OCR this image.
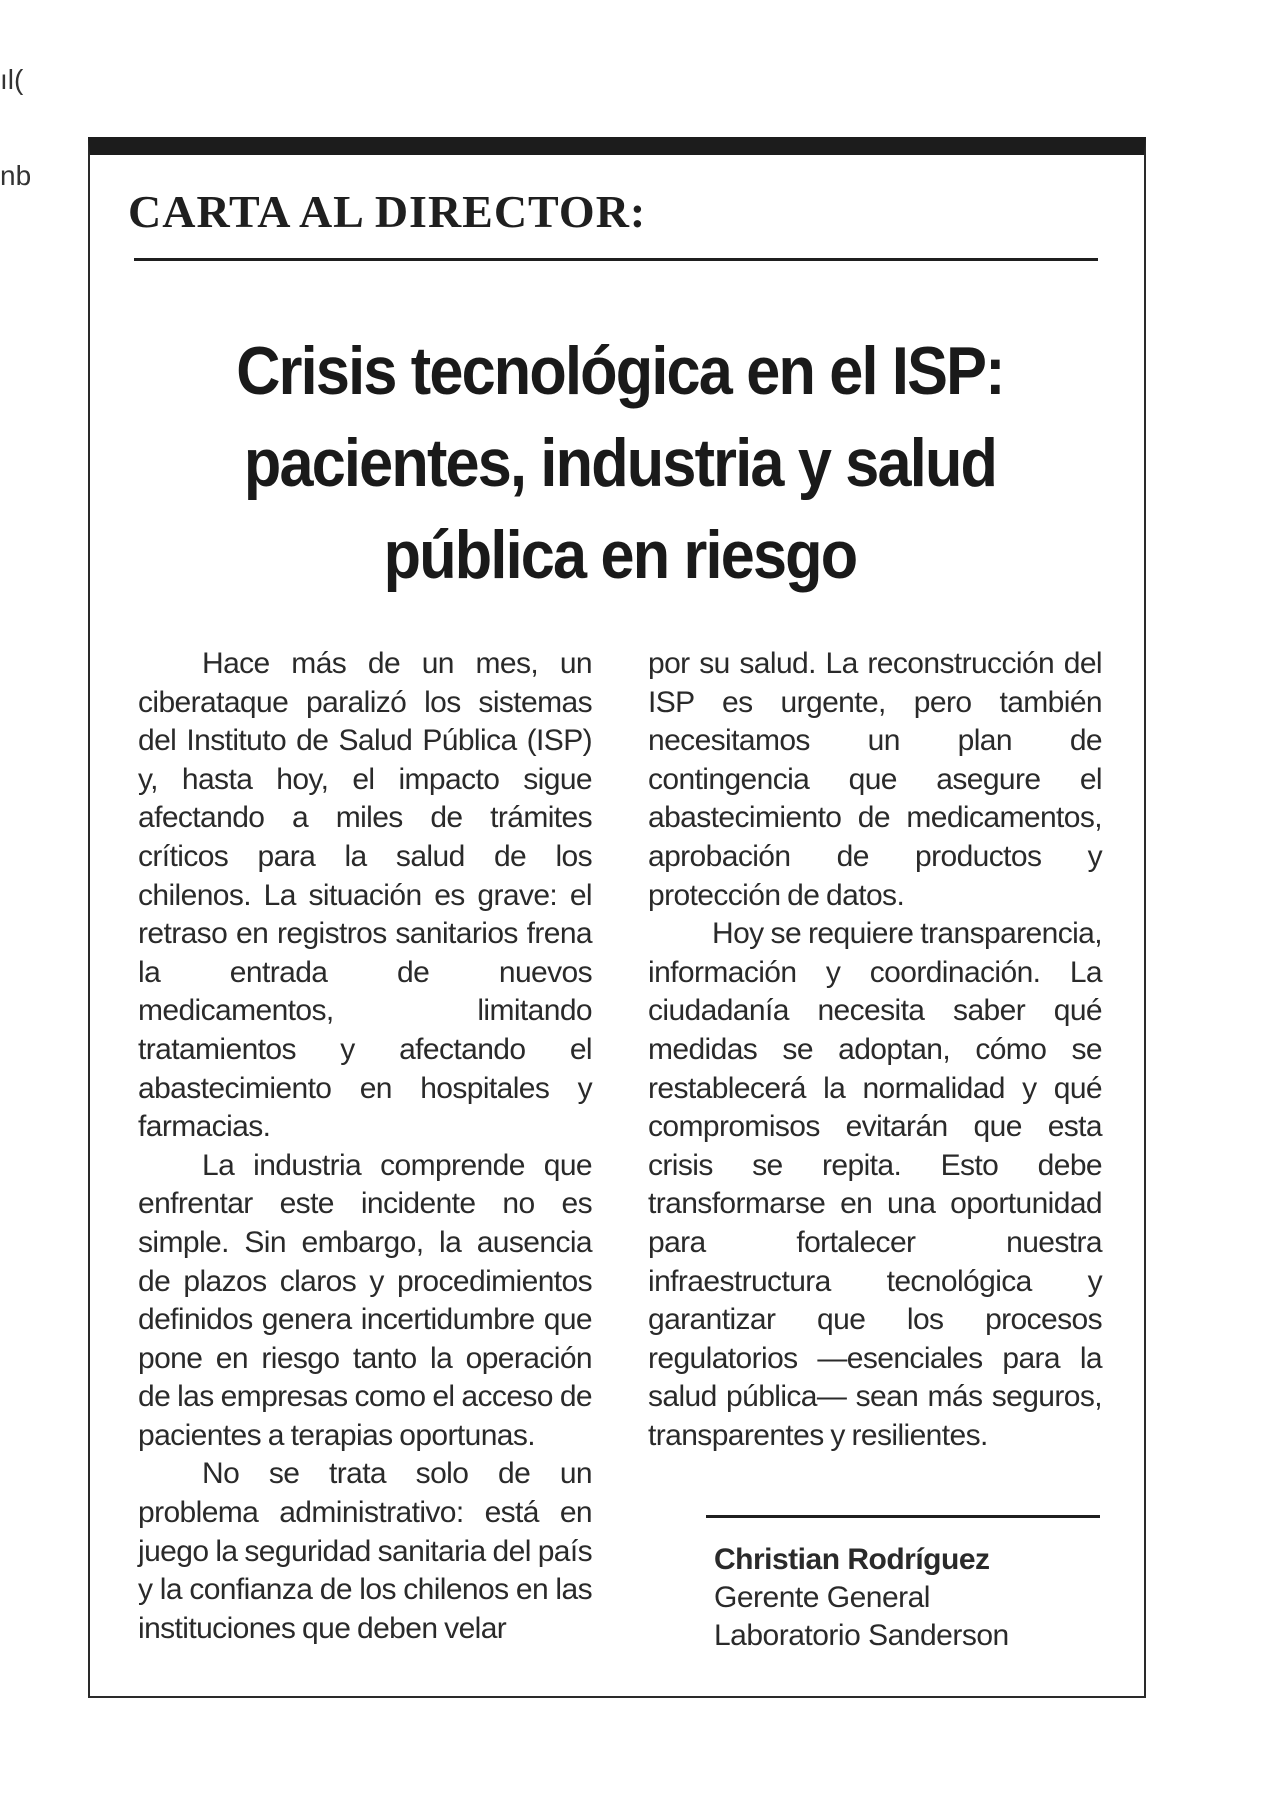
ıl(

nb

CARTA AL DIRECTOR:
Crisis tecnológica en el ISP:
pacientes, industria y salud
pública en riesgo

Hace más de un mes, un ciberataque paralizó los sistemas del Instituto de Salud Pública (ISP) y, hasta hoy, el impacto sigue afectando a miles de trámites críticos para la salud de los chilenos. La situación es grave: el retraso en registros sanitarios frena la entrada de nuevos medicamentos, limitando tratamientos y afectando el abastecimiento en hospitales y farmacias.

La industria comprende que enfrentar este incidente no es simple. Sin embargo, la ausencia de plazos claros y procedimientos definidos genera incertidumbre que pone en riesgo tanto la operación de las empresas como el acceso de pacientes a terapias oportunas.

No se trata solo de un problema administrativo: está en juego la seguridad sanitaria del país y la confianza de los chilenos en las instituciones que deben velar

por su salud. La reconstrucción del ISP es urgente, pero también necesitamos un plan de contingencia que asegure el abastecimiento de medicamentos, aprobación de productos y protección de datos.

Hoy se requiere transparencia, información y coordinación. La ciudadanía necesita saber qué medidas se adoptan, cómo se restablecerá la normalidad y qué compromisos evitarán que esta crisis se repita. Esto debe transformarse en una oportunidad para fortalecer nuestra infraestructura tecnológica y garantizar que los procesos regulatorios —esenciales para la salud pública— sean más seguros, transparentes y resilientes.

Christian Rodríguez
Gerente General
Laboratorio Sanderson
